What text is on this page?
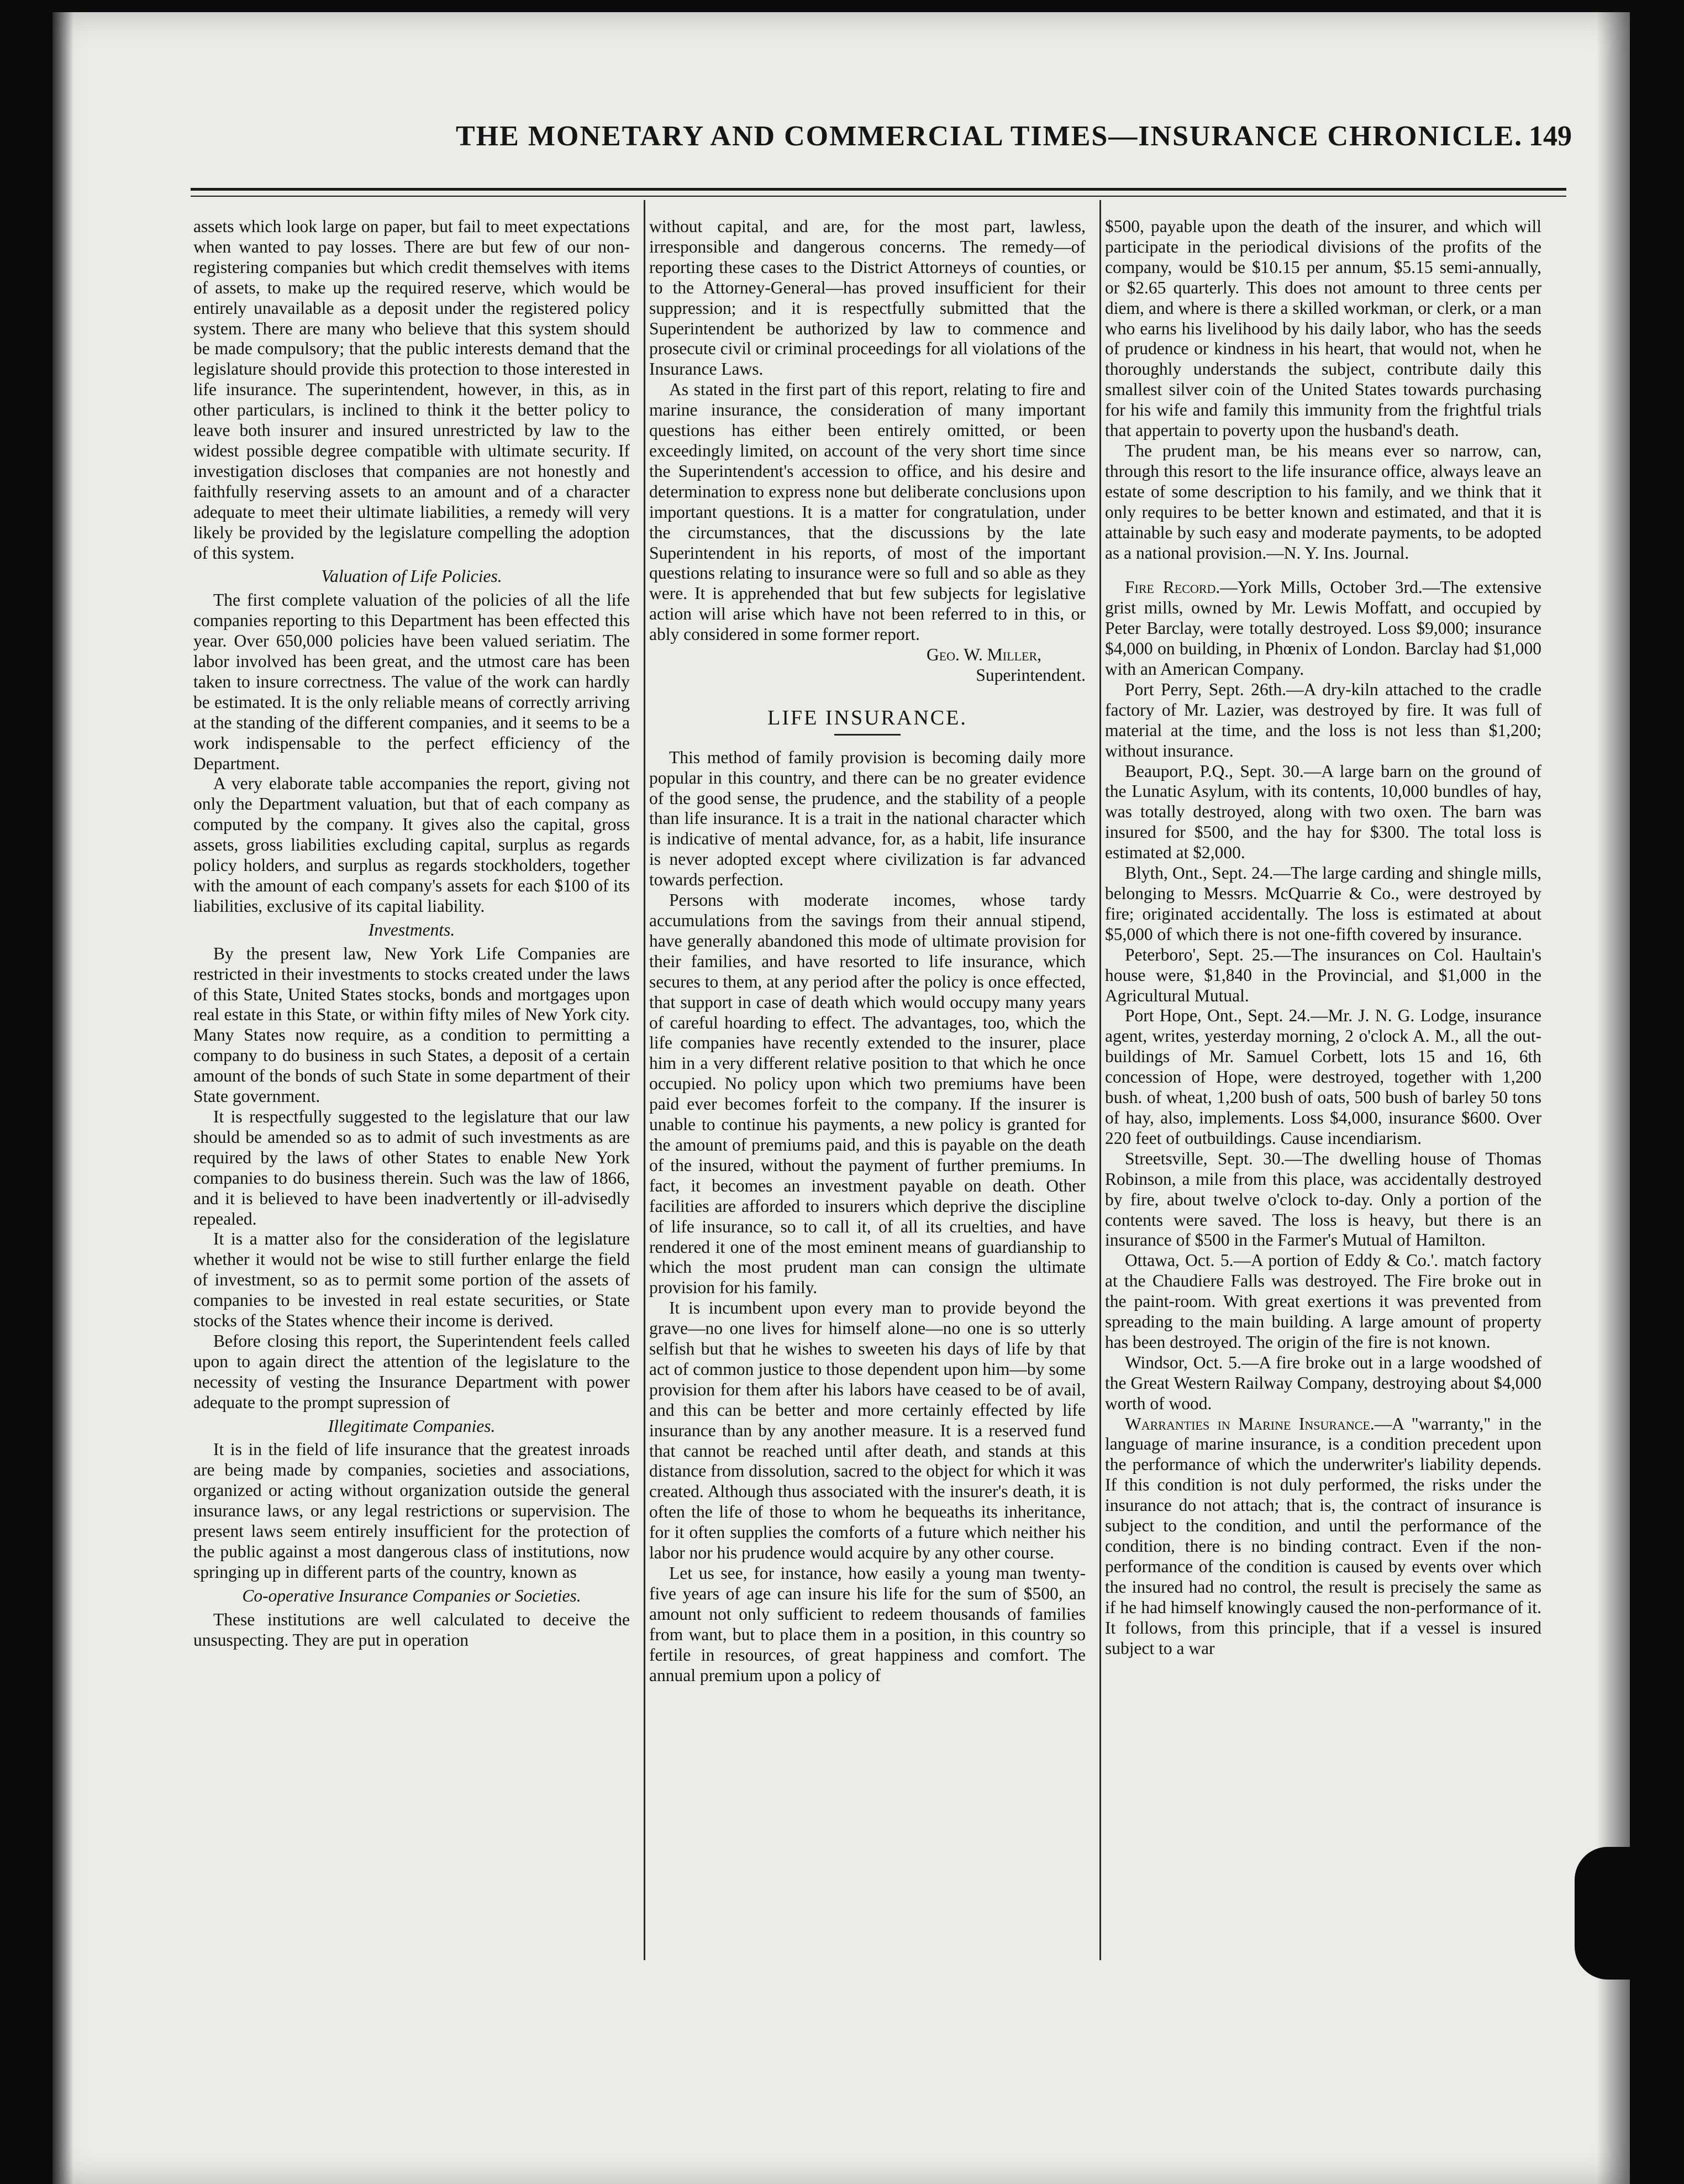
THE MONETARY AND COMMERCIAL TIMES—INSURANCE CHRONICLE. 149

assets which look large on paper, but fail to meet expectations when wanted to pay losses. There are but few of our non-registering companies but which credit themselves with items of assets, to make up the required reserve, which would be entirely unavailable as a deposit under the registered policy system. There are many who believe that this system should be made compulsory; that the public interests demand that the legislature should provide this protection to those interested in life insurance. The superintendent, however, in this, as in other particulars, is inclined to think it the better policy to leave both insurer and insured unrestricted by law to the widest possible degree compatible with ultimate security. If investigation discloses that companies are not honestly and faithfully reserving assets to an amount and of a character adequate to meet their ultimate liabilities, a remedy will very likely be provided by the legislature compelling the adoption of this system.

Valuation of Life Policies.

The first complete valuation of the policies of all the life companies reporting to this Department has been effected this year. Over 650,000 policies have been valued seriatim. The labor involved has been great, and the utmost care has been taken to insure correctness. The value of the work can hardly be estimated. It is the only reliable means of correctly arriving at the standing of the different companies, and it seems to be a work indispensable to the perfect efficiency of the Department.

A very elaborate table accompanies the report, giving not only the Department valuation, but that of each company as computed by the company. It gives also the capital, gross assets, gross liabilities excluding capital, surplus as regards policy holders, and surplus as regards stockholders, together with the amount of each company's assets for each $100 of its liabilities, exclusive of its capital liability.

Investments.

By the present law, New York Life Companies are restricted in their investments to stocks created under the laws of this State, United States stocks, bonds and mortgages upon real estate in this State, or within fifty miles of New York city. Many States now require, as a condition to permitting a company to do business in such States, a deposit of a certain amount of the bonds of such State in some department of their State government.

It is respectfully suggested to the legislature that our law should be amended so as to admit of such investments as are required by the laws of other States to enable New York companies to do business therein. Such was the law of 1866, and it is believed to have been inadvertently or ill-advisedly repealed.

It is a matter also for the consideration of the legislature whether it would not be wise to still further enlarge the field of investment, so as to permit some portion of the assets of companies to be invested in real estate securities, or State stocks of the States whence their income is derived.

Before closing this report, the Superintendent feels called upon to again direct the attention of the legislature to the necessity of vesting the Insurance Department with power adequate to the prompt supression of

Illegitimate Companies.

It is in the field of life insurance that the greatest inroads are being made by companies, societies and associations, organized or acting without organization outside the general insurance laws, or any legal restrictions or supervision. The present laws seem entirely insufficient for the protection of the public against a most dangerous class of institutions, now springing up in different parts of the country, known as

Co-operative Insurance Companies or Societies.

These institutions are well calculated to deceive the unsuspecting. They are put in operation

without capital, and are, for the most part, lawless, irresponsible and dangerous concerns. The remedy—of reporting these cases to the District Attorneys of counties, or to the Attorney-General—has proved insufficient for their suppression; and it is respectfully submitted that the Superintendent be authorized by law to commence and prosecute civil or criminal proceedings for all violations of the Insurance Laws.

As stated in the first part of this report, relating to fire and marine insurance, the consideration of many important questions has either been entirely omitted, or been exceedingly limited, on account of the very short time since the Superintendent's accession to office, and his desire and determination to express none but deliberate conclusions upon important questions. It is a matter for congratulation, under the circumstances, that the discussions by the late Superintendent in his reports, of most of the important questions relating to insurance were so full and so able as they were. It is apprehended that but few subjects for legislative action will arise which have not been referred to in this, or ably considered in some former report.

Geo. W. Miller,

Superintendent.

LIFE INSURANCE.

This method of family provision is becoming daily more popular in this country, and there can be no greater evidence of the good sense, the prudence, and the stability of a people than life insurance. It is a trait in the national character which is indicative of mental advance, for, as a habit, life insurance is never adopted except where civilization is far advanced towards perfection.

Persons with moderate incomes, whose tardy accumulations from the savings from their annual stipend, have generally abandoned this mode of ultimate provision for their families, and have resorted to life insurance, which secures to them, at any period after the policy is once effected, that support in case of death which would occupy many years of careful hoarding to effect. The advantages, too, which the life companies have recently extended to the insurer, place him in a very different relative position to that which he once occupied. No policy upon which two premiums have been paid ever becomes forfeit to the company. If the insurer is unable to continue his payments, a new policy is granted for the amount of premiums paid, and this is payable on the death of the insured, without the payment of further premiums. In fact, it becomes an investment payable on death. Other facilities are afforded to insurers which deprive the discipline of life insurance, so to call it, of all its cruelties, and have rendered it one of the most eminent means of guardianship to which the most prudent man can consign the ultimate provision for his family.

It is incumbent upon every man to provide beyond the grave—no one lives for himself alone—no one is so utterly selfish but that he wishes to sweeten his days of life by that act of common justice to those dependent upon him—by some provision for them after his labors have ceased to be of avail, and this can be better and more certainly effected by life insurance than by any another measure. It is a reserved fund that cannot be reached until after death, and stands at this distance from dissolution, sacred to the object for which it was created. Although thus associated with the insurer's death, it is often the life of those to whom he bequeaths its inheritance, for it often supplies the comforts of a future which neither his labor nor his prudence would acquire by any other course.

Let us see, for instance, how easily a young man twenty-five years of age can insure his life for the sum of $500, an amount not only sufficient to redeem thousands of families from want, but to place them in a position, in this country so fertile in resources, of great happiness and comfort. The annual premium upon a policy of

$500, payable upon the death of the insurer, and which will participate in the periodical divisions of the profits of the company, would be $10.15 per annum, $5.15 semi-annually, or $2.65 quarterly. This does not amount to three cents per diem, and where is there a skilled workman, or clerk, or a man who earns his livelihood by his daily labor, who has the seeds of prudence or kindness in his heart, that would not, when he thoroughly understands the subject, contribute daily this smallest silver coin of the United States towards purchasing for his wife and family this immunity from the frightful trials that appertain to poverty upon the husband's death.

The prudent man, be his means ever so narrow, can, through this resort to the life insurance office, always leave an estate of some description to his family, and we think that it only requires to be better known and estimated, and that it is attainable by such easy and moderate payments, to be adopted as a national provision.—N. Y. Ins. Journal.

Fire Record.—York Mills, October 3rd.—The extensive grist mills, owned by Mr. Lewis Moffatt, and occupied by Peter Barclay, were totally destroyed. Loss $9,000; insurance $4,000 on building, in Phœnix of London. Barclay had $1,000 with an American Company.

Port Perry, Sept. 26th.—A dry-kiln attached to the cradle factory of Mr. Lazier, was destroyed by fire. It was full of material at the time, and the loss is not less than $1,200; without insurance.

Beauport, P.Q., Sept. 30.—A large barn on the ground of the Lunatic Asylum, with its contents, 10,000 bundles of hay, was totally destroyed, along with two oxen. The barn was insured for $500, and the hay for $300. The total loss is estimated at $2,000.

Blyth, Ont., Sept. 24.—The large carding and shingle mills, belonging to Messrs. McQuarrie & Co., were destroyed by fire; originated accidentally. The loss is estimated at about $5,000 of which there is not one-fifth covered by insurance.

Peterboro', Sept. 25.—The insurances on Col. Haultain's house were, $1,840 in the Provincial, and $1,000 in the Agricultural Mutual.

Port Hope, Ont., Sept. 24.—Mr. J. N. G. Lodge, insurance agent, writes, yesterday morning, 2 o'clock A. M., all the out-buildings of Mr. Samuel Corbett, lots 15 and 16, 6th concession of Hope, were destroyed, together with 1,200 bush. of wheat, 1,200 bush of oats, 500 bush of barley 50 tons of hay, also, implements. Loss $4,000, insurance $600. Over 220 feet of outbuildings. Cause incendiarism.

Streetsville, Sept. 30.—The dwelling house of Thomas Robinson, a mile from this place, was accidentally destroyed by fire, about twelve o'clock to-day. Only a portion of the contents were saved. The loss is heavy, but there is an insurance of $500 in the Farmer's Mutual of Hamilton.

Ottawa, Oct. 5.—A portion of Eddy & Co.'. match factory at the Chaudiere Falls was destroyed. The Fire broke out in the paint-room. With great exertions it was prevented from spreading to the main building. A large amount of property has been destroyed. The origin of the fire is not known.

Windsor, Oct. 5.—A fire broke out in a large woodshed of the Great Western Railway Company, destroying about $4,000 worth of wood.

Warranties in Marine Insurance.—A "warranty," in the language of marine insurance, is a condition precedent upon the performance of which the underwriter's liability depends. If this condition is not duly performed, the risks under the insurance do not attach; that is, the contract of insurance is subject to the condition, and until the performance of the condition, there is no binding contract. Even if the non-performance of the condition is caused by events over which the insured had no control, the result is precisely the same as if he had himself knowingly caused the non-performance of it. It follows, from this principle, that if a vessel is insured subject to a war
